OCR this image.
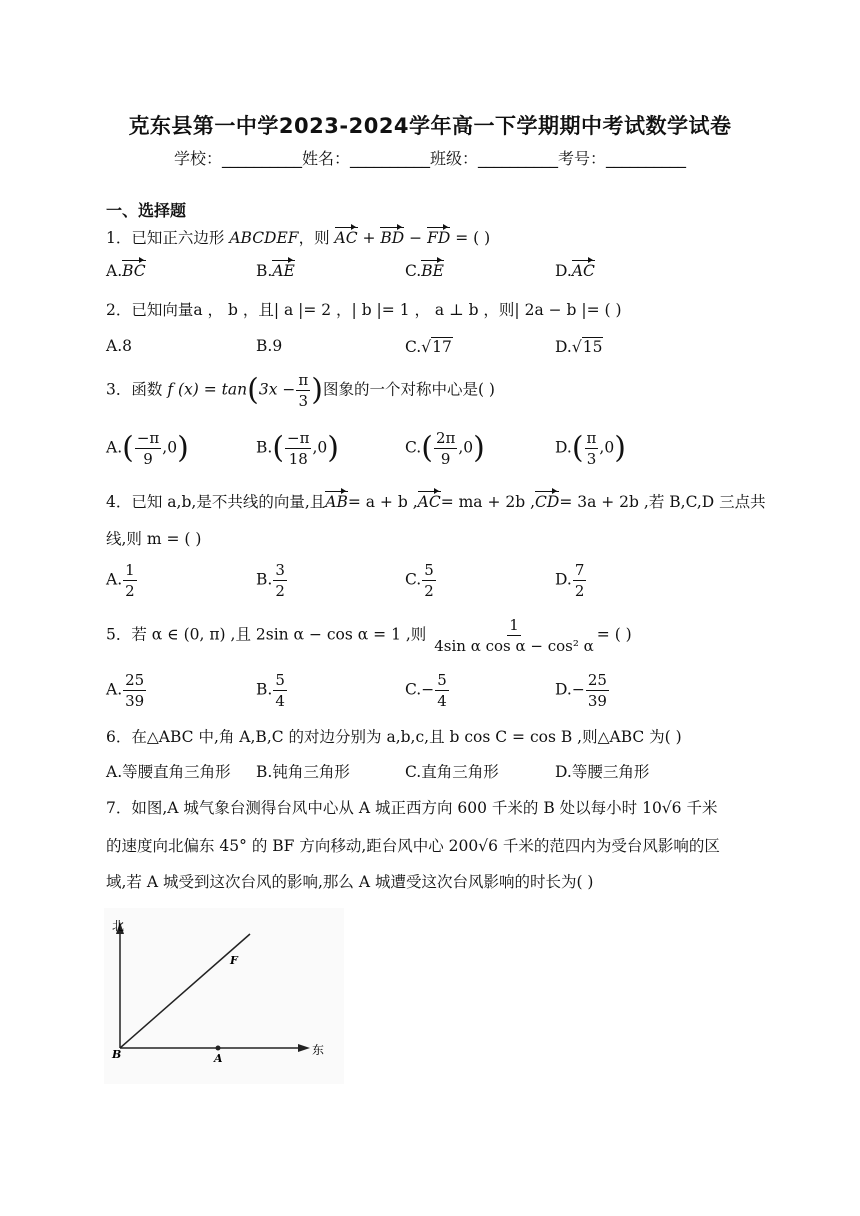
克东县第一中学2023-2024学年高一下学期期中考试数学试卷
学校：__________姓名：__________班级：__________考号：__________
一、选择题
1．已知正六边形 ABCDEF，则 AC + BD − FD = ( )
A.BC	B.AE	C.BE	D.AC
2．已知向量a ， b ，且| a |= 2 ，| b |= 1 ， a ⊥ b ，则| 2a − b |= ( )
A.8	B.9	C.√17	D.√15
3．函数 f $(x) = \tan(3x - \frac{\pi}{3}$ )图象的一个对称中心是( )
$A.( \frac{-\pi}{9} ,0)$	$B.( \frac{-\pi}{18} ,0)$	$C.( \frac{2\pi}{9} ,0)$	$D.( \frac{\pi}{3} ,0)$
4．已知 a,b,是不共线的向量,且AB= a + b ,AC= ma + 2b ,CD= 3a + 2b ,若 B,C,D 三点共
线,则 m = ( )
A. $\frac{1}{2}$	B. $\frac{3}{2}$	C. $\frac{5}{2}$	D. $\frac{7}{2}$
5．若 α ∈ (0, π) ,且 2sin α − cos α = 1 ,则 $\frac{1}{\text{4sin α cos α − cos² α}}$ = ( )
A. $\frac{25}{39}$	B. $\frac{5}{4}$	$C.- \frac{5}{4}$	$D.- \frac{25}{39}$
6．在△ABC 中,角 A,B,C 的对边分别为 a,b,c,且 b cos C = cos B ,则△ABC 为( )
A.等腰直角三角形 B.钝角三角形	C.直角三角形	D.等腰三角形
7．如图,A 城气象台测得台风中心从 A 城正西方向 600 千米的 B 处以每小时 10√6 千米
的速度向北偏东 45° 的 BF 方向移动,距台风中心 200√6 千米的范四内为受台风影响的区
域,若 A 城受到这次台风的影响,那么 A 城遭受这次台风影响的时长为( )
北
东
B	A
F
